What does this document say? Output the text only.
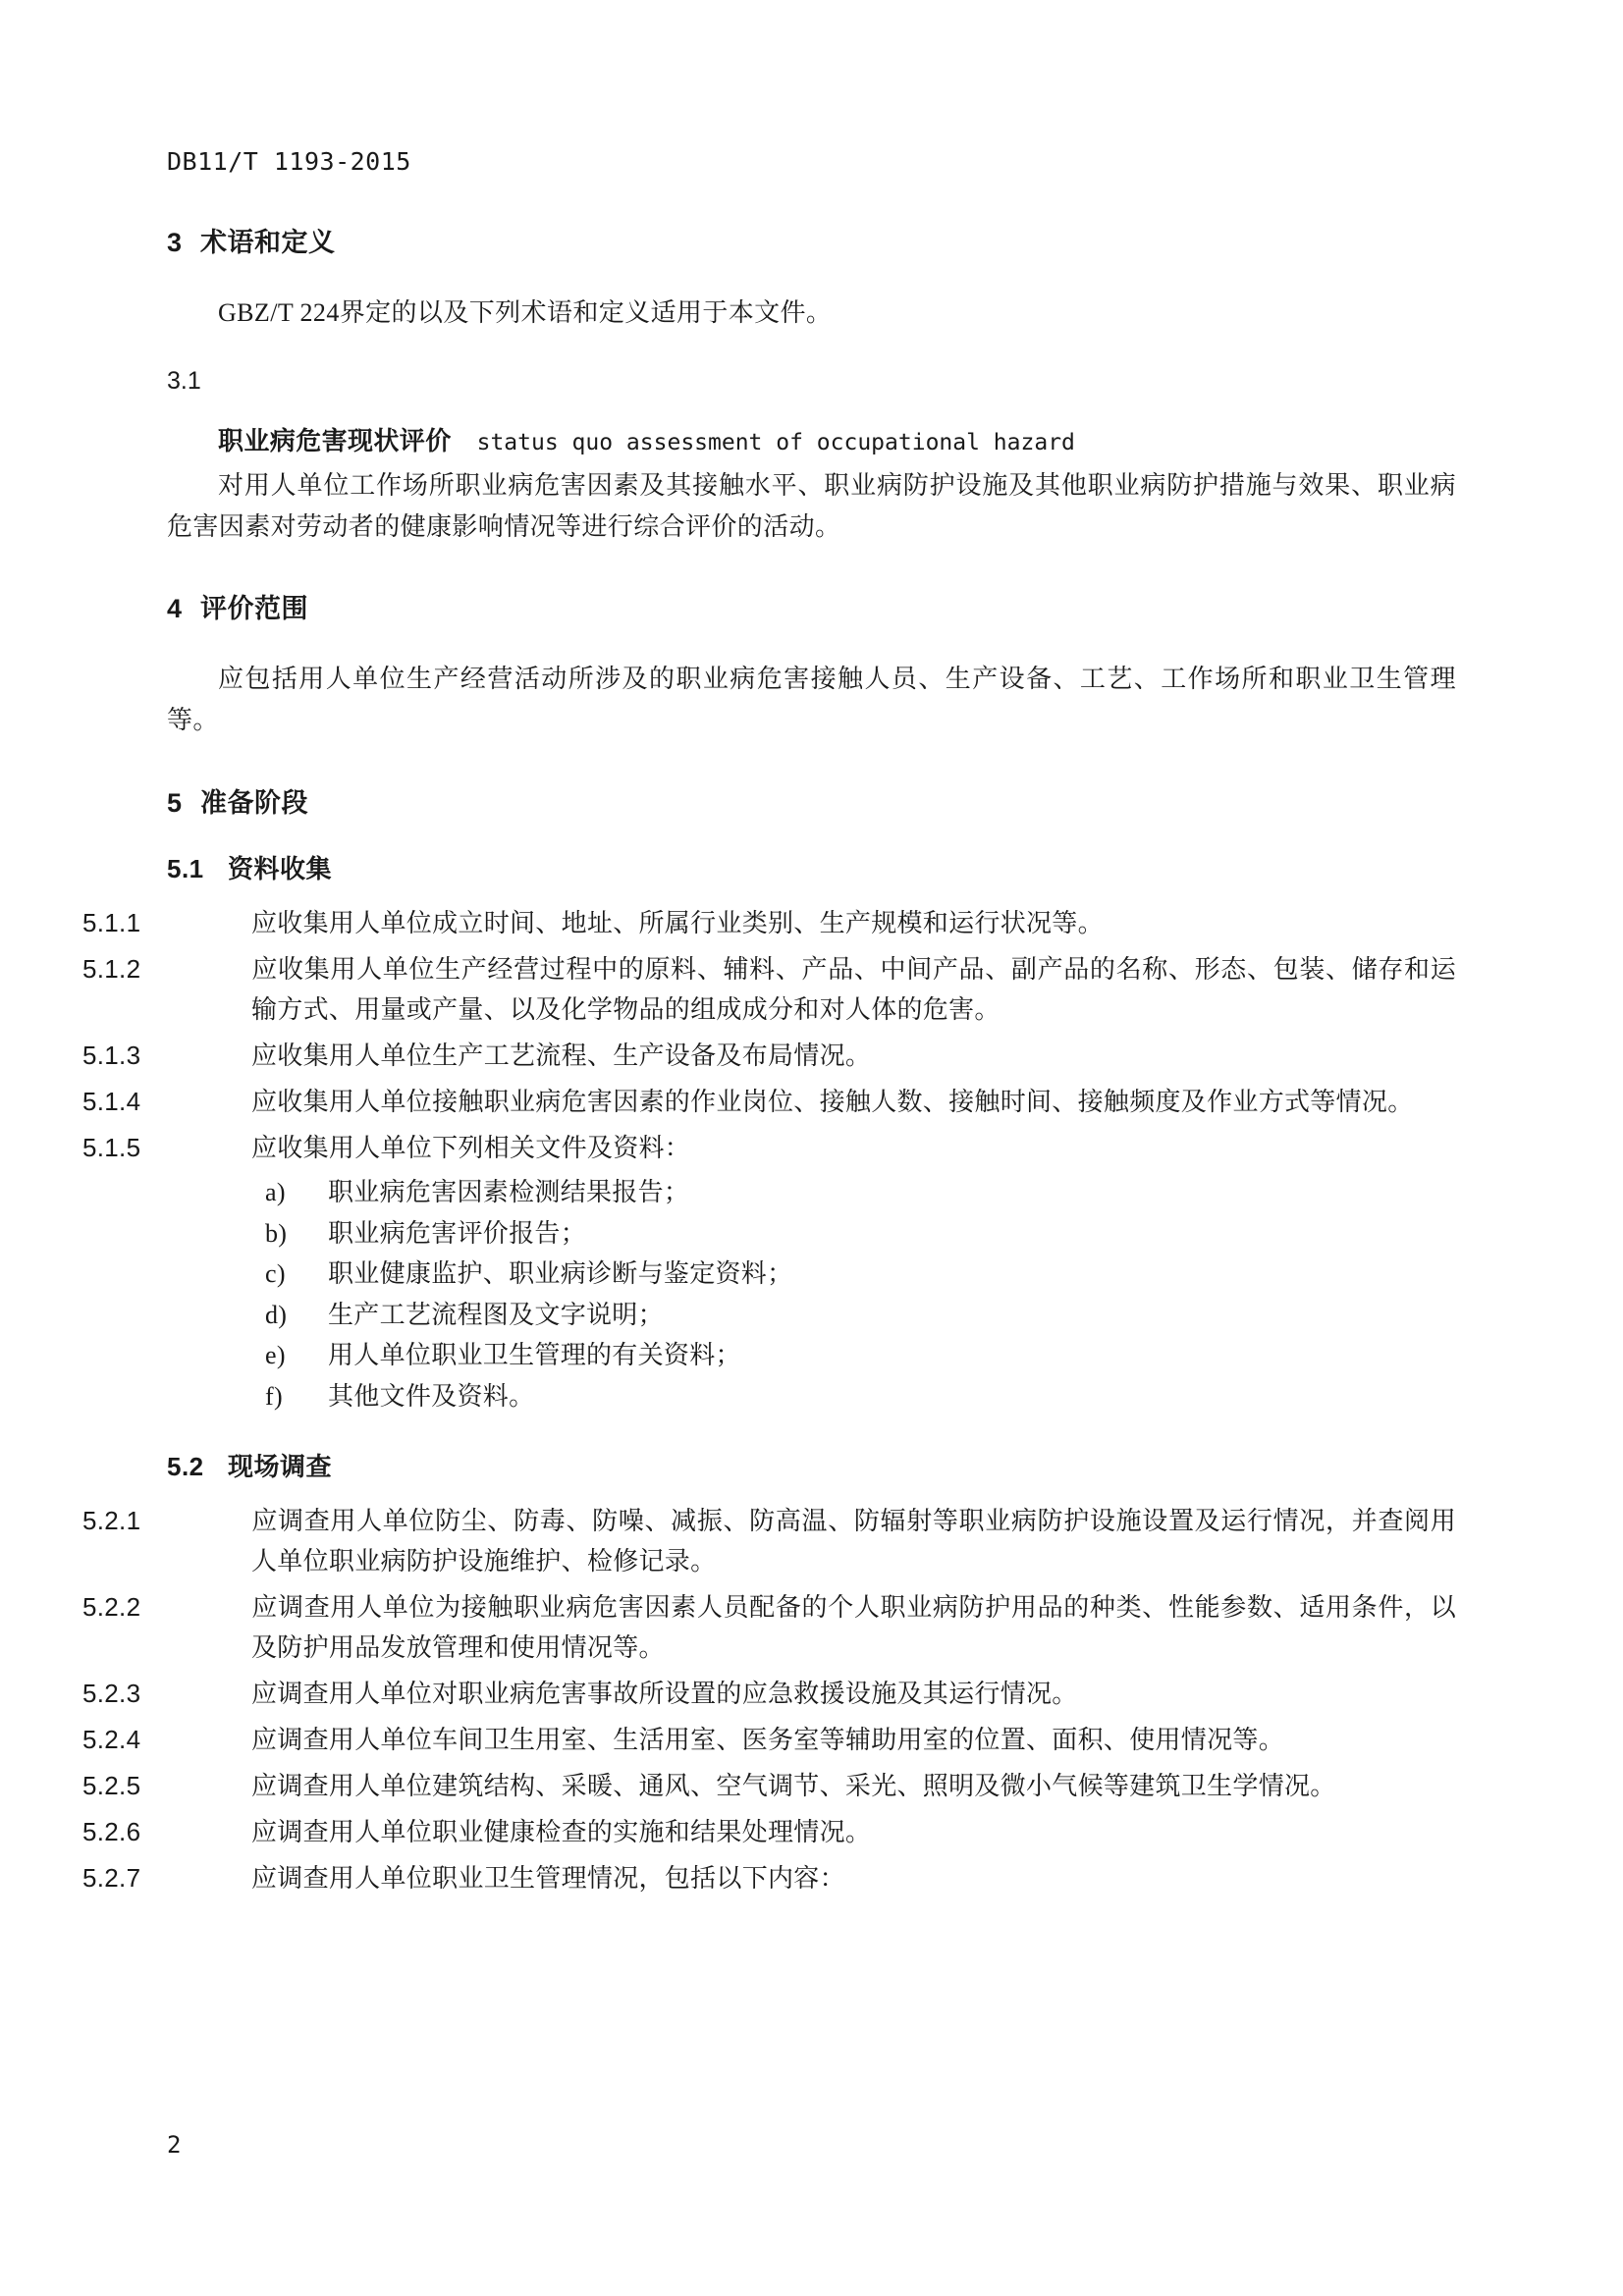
DB11/T 1193-2015
3 术语和定义
GBZ/T 224界定的以及下列术语和定义适用于本文件。
3.1
职业病危害现状评价 status quo assessment of occupational hazard
对用人单位工作场所职业病危害因素及其接触水平、职业病防护设施及其他职业病防护措施与效果、职业病危害因素对劳动者的健康影响情况等进行综合评价的活动。
4 评价范围
应包括用人单位生产经营活动所涉及的职业病危害接触人员、生产设备、工艺、工作场所和职业卫生管理等。
5 准备阶段
5.1 资料收集
5.1.1	应收集用人单位成立时间、地址、所属行业类别、生产规模和运行状况等。
5.1.2	应收集用人单位生产经营过程中的原料、辅料、产品、中间产品、副产品的名称、形态、包装、储存和运输方式、用量或产量、以及化学物品的组成成分和对人体的危害。
5.1.3	应收集用人单位生产工艺流程、生产设备及布局情况。
5.1.4	应收集用人单位接触职业病危害因素的作业岗位、接触人数、接触时间、接触频度及作业方式等情况。
5.1.5	应收集用人单位下列相关文件及资料：
a) 职业病危害因素检测结果报告；
b) 职业病危害评价报告；
c) 职业健康监护、职业病诊断与鉴定资料；
d) 生产工艺流程图及文字说明；
e) 用人单位职业卫生管理的有关资料；
f) 其他文件及资料。
5.2 现场调查
5.2.1	应调查用人单位防尘、防毒、防噪、减振、防高温、防辐射等职业病防护设施设置及运行情况，并查阅用人单位职业病防护设施维护、检修记录。
5.2.2	应调查用人单位为接触职业病危害因素人员配备的个人职业病防护用品的种类、性能参数、适用条件，以及防护用品发放管理和使用情况等。
5.2.3	应调查用人单位对职业病危害事故所设置的应急救援设施及其运行情况。
5.2.4	应调查用人单位车间卫生用室、生活用室、医务室等辅助用室的位置、面积、使用情况等。
5.2.5	应调查用人单位建筑结构、采暖、通风、空气调节、采光、照明及微小气候等建筑卫生学情况。
5.2.6	应调查用人单位职业健康检查的实施和结果处理情况。
5.2.7	应调查用人单位职业卫生管理情况，包括以下内容：
2
